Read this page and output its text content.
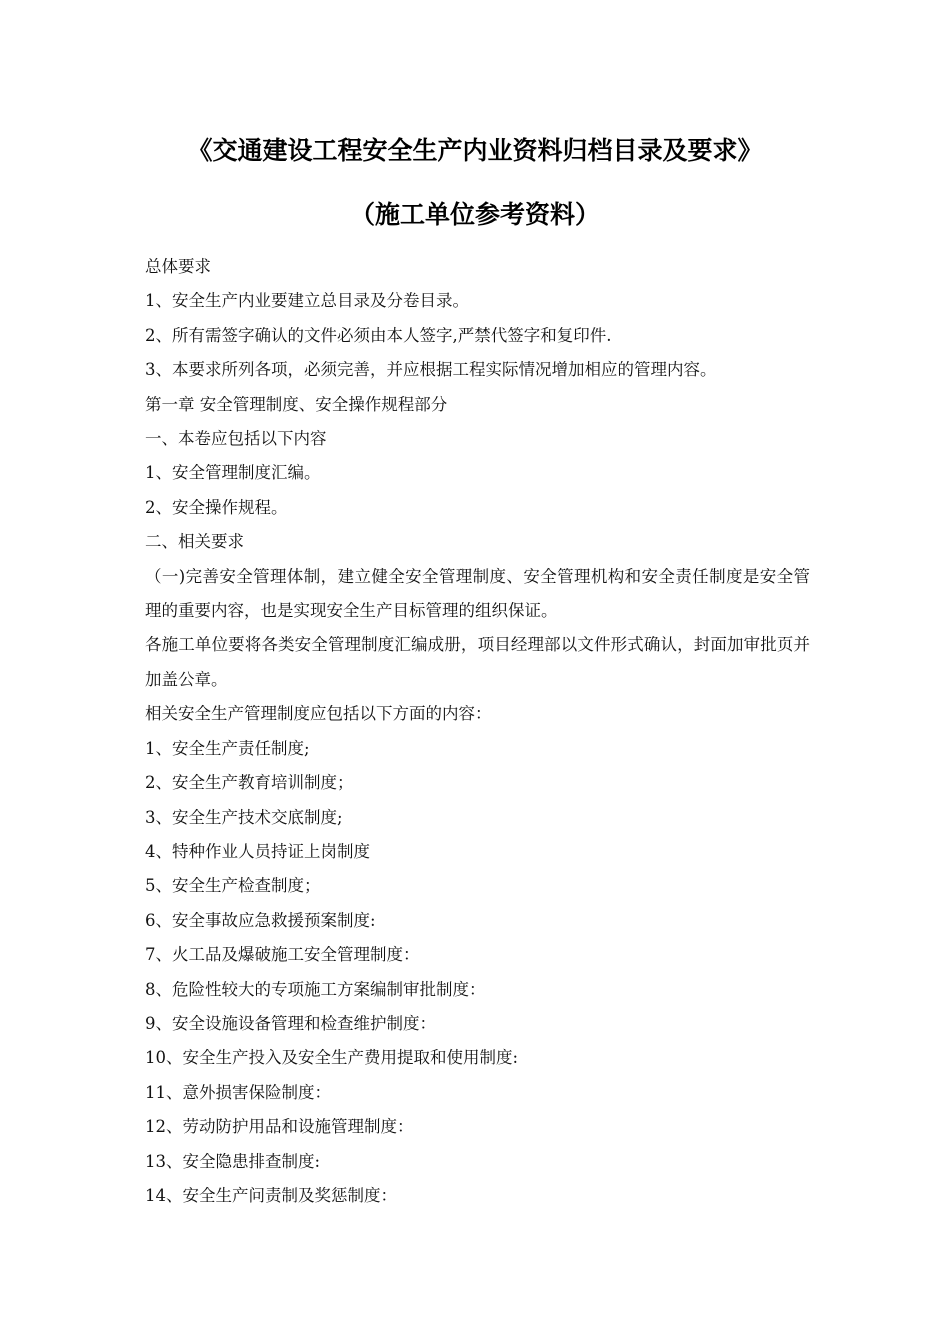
《交通建设工程安全生产内业资料归档目录及要求》
（施工单位参考资料）
总体要求
1、安全生产内业要建立总目录及分卷目录。
2、所有需签字确认的文件必须由本人签字,严禁代签字和复印件.
3、本要求所列各项，必须完善，并应根据工程实际情况增加相应的管理内容。
第一章 安全管理制度、安全操作规程部分
一、本卷应包括以下内容
1、安全管理制度汇编。
2、安全操作规程。
二、相关要求
（一)完善安全管理体制，建立健全安全管理制度、安全管理机构和安全责任制度是安全管理的重要内容，也是实现安全生产目标管理的组织保证。
各施工单位要将各类安全管理制度汇编成册，项目经理部以文件形式确认，封面加审批页并加盖公章。
相关安全生产管理制度应包括以下方面的内容：
1、安全生产责任制度;
2、安全生产教育培训制度；
3、安全生产技术交底制度;
4、特种作业人员持证上岗制度
5、安全生产检查制度；
6、安全事故应急救援预案制度:
7、火工品及爆破施工安全管理制度：
8、危险性较大的专项施工方案编制审批制度：
9、安全设施设备管理和检查维护制度：
10、安全生产投入及安全生产费用提取和使用制度:
11、意外损害保险制度：
12、劳动防护用品和设施管理制度：
13、安全隐患排查制度:
14、安全生产问责制及奖惩制度：
